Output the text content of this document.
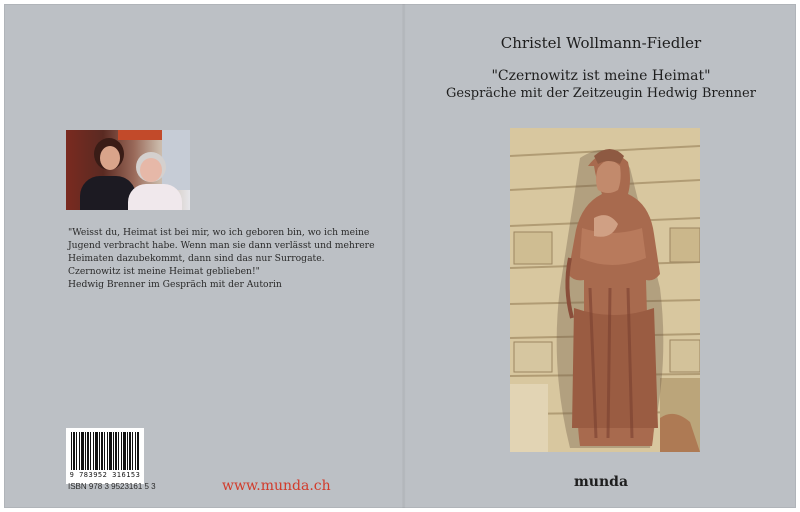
"Weisst du, Heimat ist bei mir, wo ich geboren bin, wo ich meine
Jugend verbracht habe. Wenn man sie dann verlässt und mehrere
Heimaten dazubekommt, dann sind das nur Surrogate.
Czernowitz ist meine Heimat geblieben!"
Hedwig Brenner im Gespräch mit der Autorin

9 783952 316153
ISBN 978 3 9523161 5 3	www.munda.ch
Christel Wollmann-Fiedler
"Czernowitz ist meine Heimat"
Gespräche mit der Zeitzeugin Hedwig Brenner
munda
